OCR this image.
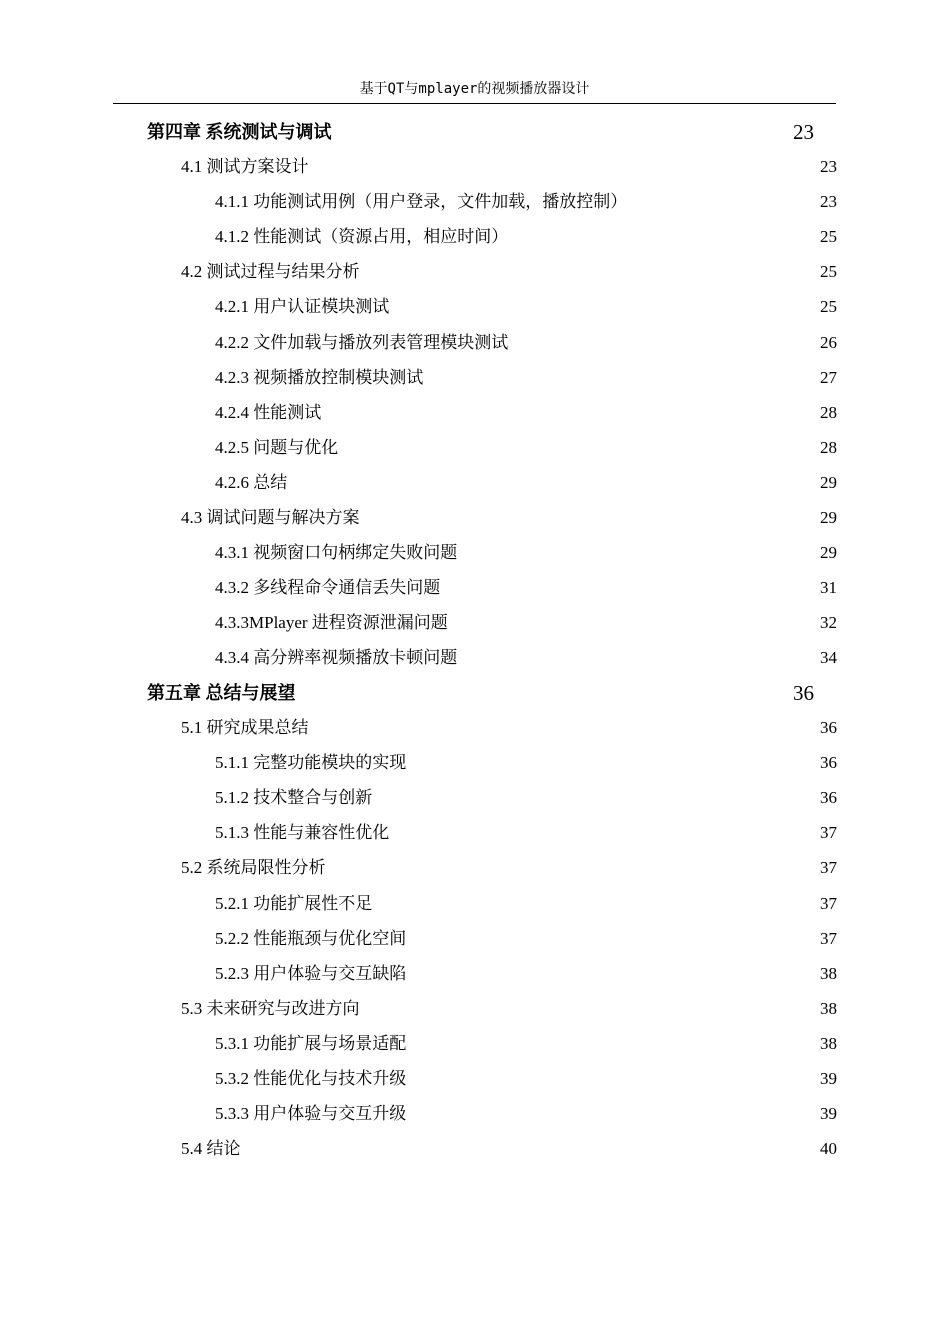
基于QT与mplayer的视频播放器设计
第四章 系统测试与调试	23
4.1 测试方案设计	23
4.1.1 功能测试用例（用户登录，文件加载，播放控制）	23
4.1.2 性能测试（资源占用，相应时间）	25
4.2 测试过程与结果分析	25
4.2.1 用户认证模块测试	25
4.2.2 文件加载与播放列表管理模块测试	26
4.2.3 视频播放控制模块测试	27
4.2.4 性能测试	28
4.2.5 问题与优化	28
4.2.6 总结	29
4.3 调试问题与解决方案	29
4.3.1 视频窗口句柄绑定失败问题	29
4.3.2 多线程命令通信丢失问题	31
4.3.3MPlayer 进程资源泄漏问题	32
4.3.4 高分辨率视频播放卡顿问题	34
第五章 总结与展望	36
5.1 研究成果总结	36
5.1.1 完整功能模块的实现	36
5.1.2 技术整合与创新	36
5.1.3 性能与兼容性优化	37
5.2 系统局限性分析	37
5.2.1 功能扩展性不足	37
5.2.2 性能瓶颈与优化空间	37
5.2.3 用户体验与交互缺陷	38
5.3 未来研究与改进方向	38
5.3.1 功能扩展与场景适配	38
5.3.2 性能优化与技术升级	39
5.3.3 用户体验与交互升级	39
5.4 结论	40
